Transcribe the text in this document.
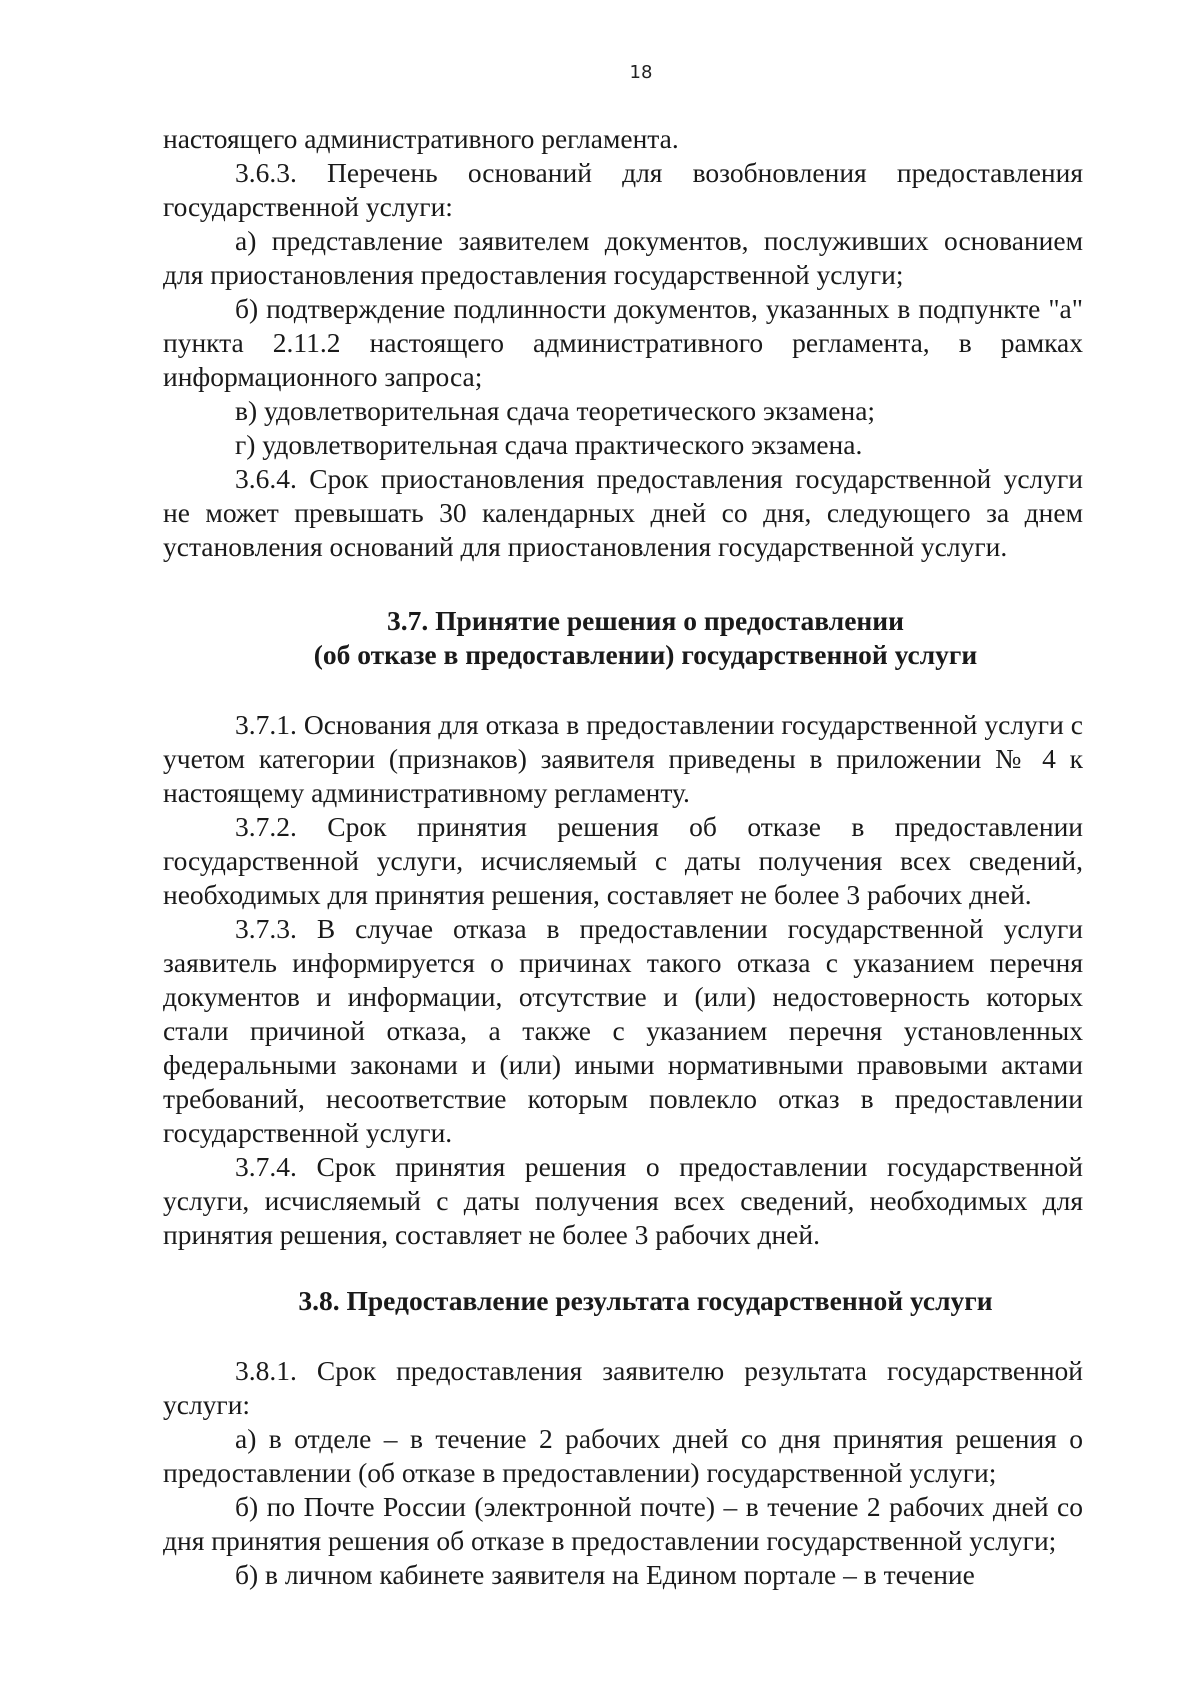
18

настоящего административного регламента.

3.6.3. Перечень оснований для возобновления предоставления государственной услуги:

а) представление заявителем документов, послуживших основанием для приостановления предоставления государственной услуги;

б) подтверждение подлинности документов, указанных в подпункте "а" пункта 2.11.2 настоящего административного регламента, в рамках информационного запроса;

в) удовлетворительная сдача теоретического экзамена;

г) удовлетворительная сдача практического экзамена.

3.6.4. Срок приостановления предоставления государственной услуги не может превышать 30 календарных дней со дня, следующего за днем установления оснований для приостановления государственной услуги.

3.7. Принятие решения о предоставлении
(об отказе в предоставлении) государственной услуги

3.7.1. Основания для отказа в предоставлении государственной услуги с учетом категории (признаков) заявителя приведены в приложении № 4 к настоящему административному регламенту.

3.7.2. Срок принятия решения об отказе в предоставлении государственной услуги, исчисляемый с даты получения всех сведений, необходимых для принятия решения, составляет не более 3 рабочих дней.

3.7.3. В случае отказа в предоставлении государственной услуги заявитель информируется о причинах такого отказа с указанием перечня документов и информации, отсутствие и (или) недостоверность которых стали причиной отказа, а также с указанием перечня установленных федеральными законами и (или) иными нормативными правовыми актами требований, несоответствие которым повлекло отказ в предоставлении государственной услуги.

3.7.4. Срок принятия решения о предоставлении государственной услуги, исчисляемый с даты получения всех сведений, необходимых для принятия решения, составляет не более 3 рабочих дней.

3.8. Предоставление результата государственной услуги

3.8.1. Срок предоставления заявителю результата государственной услуги:

а) в отделе – в течение 2 рабочих дней со дня принятия решения о предоставлении (об отказе в предоставлении) государственной услуги;

б) по Почте России (электронной почте) – в течение 2 рабочих дней со дня принятия решения об отказе в предоставлении государственной услуги;

б) в личном кабинете заявителя на Едином портале – в течение
